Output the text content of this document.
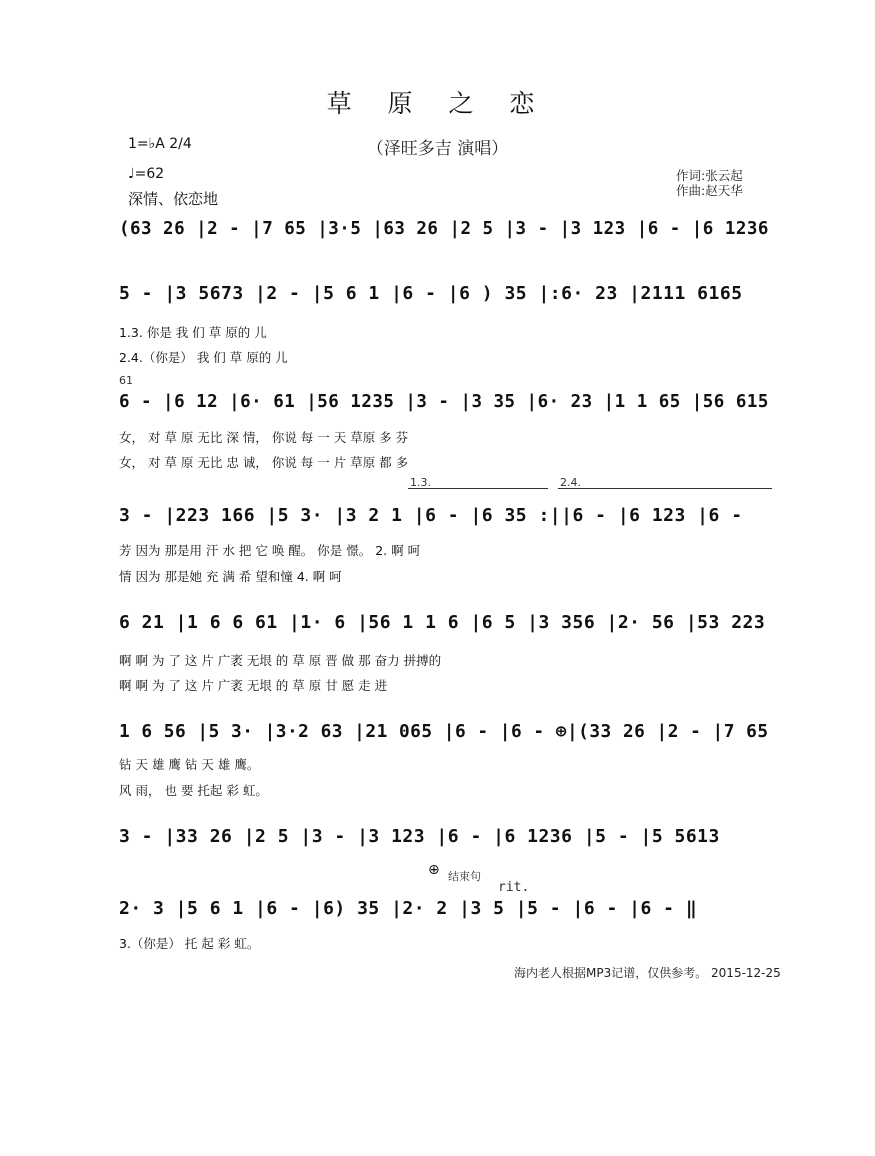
草 原 之 恋
（泽旺多吉 演唱）
1=♭A 2/4
♩=62
深情、依恋地
作词:张云起
作曲:赵天华
(63 26 |2 - |7 65 |3·5 |63 26 |2 5 |3 - |3 123 |6 - |6 1236
5 - |3 5673 |2 - |5 6 1 |6 - |6 ) 35 |:6· 23 |2111 6165
1.3. 你是 我 们 草 原的 儿
2.4.（你是） 我 们 草 原的 儿
6 - |6 12 |6· 61 |56 1235 |3 - |3 35 |6· 23 |1 1 65 |56 615
61
女， 对 草 原 无比 深 情， 你说 每 一 天 草原 多 芬
女， 对 草 原 无比 忠 诚， 你说 每 一 片 草原 都 多
1.3.	2.4.
3 - |223 166 |5 3· |3 2 1 |6 - |6 35 :||6 - |6 123 |6 -
芳 因为 那是用 汗 水 把 它 唤 醒。 你是 憬。 2. 啊 呵
情 因为 那是她 充 满 希 望和憧 4. 啊 呵
6 21 |1 6 6 61 |1· 6 |56 1 1 6 |6 5 |3 356 |2· 56 |53 223
啊 啊 为 了 这 片 广袤 无垠 的 草 原 晋 做 那 奋力 拼搏的
啊 啊 为 了 这 片 广袤 无垠 的 草 原 甘 愿 走 进
1 6 56 |5 3· |3·2 63 |21 065 |6 - |6 - ⊕|(33 26 |2 - |7 65
钻 天 雄 鹰 钻 天 雄 鹰。
风 雨， 也 要 托起 彩 虹。
3 - |33 26 |2 5 |3 - |3 123 |6 - |6 1236 |5 - |5 5613
⊕ 结束句
rit.
2· 3 |5 6 1 |6 - |6) 35 |2· 2 |3 5 |5 - |6 - |6 - ‖
3.（你是） 托 起 彩 虹。
海内老人根据MP3记谱，仅供参考。 2015-12-25
